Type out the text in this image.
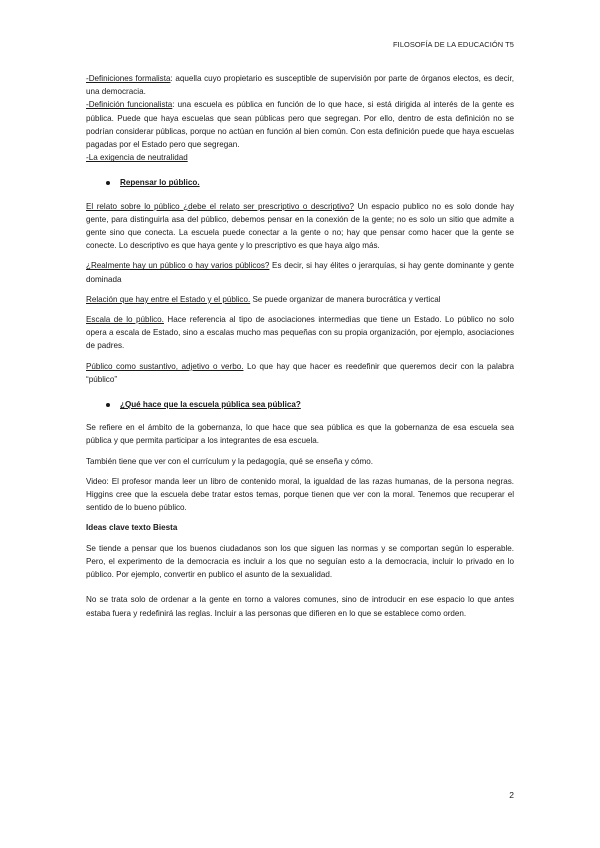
FILOSOFÍA DE LA EDUCACIÓN T5

-Definiciones formalista: aquella cuyo propietario es susceptible de supervisión por parte de órganos electos, es decir, una democracia.

-Definición funcionalista: una escuela es pública en función de lo que hace, si está dirigida al interés de la gente es pública. Puede que haya escuelas que sean públicas pero que segregan. Por ello, dentro de esta definición no se podrían considerar públicas, porque no actúan en función al bien común. Con esta definición puede que haya escuelas pagadas por el Estado pero que segregan.

-La exigencia de neutralidad

Repensar lo público.

El relato sobre lo público ¿debe el relato ser prescriptivo o descriptivo? Un espacio publico no es solo donde hay gente, para distinguirla asa del público, debemos pensar en la conexión de la gente; no es solo un sitio que admite a gente sino que conecta. La escuela puede conectar a la gente o no; hay que pensar como hacer que la gente se conecte. Lo descriptivo es que haya gente y lo prescriptivo es que haya algo más.

¿Realmente hay un público o hay varios públicos? Es decir, si hay élites o jerarquías, si hay gente dominante y gente dominada

Relación que hay entre el Estado y el público. Se puede organizar de manera burocrática y vertical

Escala de lo público. Hace referencia al tipo de asociaciones intermedias que tiene un Estado. Lo público no solo opera a escala de Estado, sino a escalas mucho mas pequeñas con su propia organización, por ejemplo, asociaciones de padres.

Público como sustantivo, adjetivo o verbo. Lo que hay que hacer es reedefinir que queremos decir con la palabra “público”

¿Qué hace que la escuela pública sea pública?

Se refiere en el ámbito de la gobernanza, lo que hace que sea pública es que la gobernanza de esa escuela sea pública y que permita participar a los integrantes de esa escuela.

También tiene que ver con el currículum y la pedagogía, qué se enseña y cómo.

Video: El profesor manda leer un libro de contenido moral, la igualdad de las razas humanas, de la persona negras. Higgins cree que la escuela debe tratar estos temas, porque tienen que ver con la moral. Tenemos que recuperar el sentido de lo bueno público.

Ideas clave texto Biesta

Se tiende a pensar que los buenos ciudadanos son los que siguen las normas y se comportan según lo esperable. Pero, el experimento de la democracia es incluir a los que no seguían esto a la democracia, incluir lo privado en lo público. Por ejemplo, convertir en publico el asunto de la sexualidad.

No se trata solo de ordenar a la gente en torno a valores comunes, sino de introducir en ese espacio lo que antes estaba fuera y redefinirá las reglas. Incluir a las personas que difieren en lo que se establece como orden.

2
